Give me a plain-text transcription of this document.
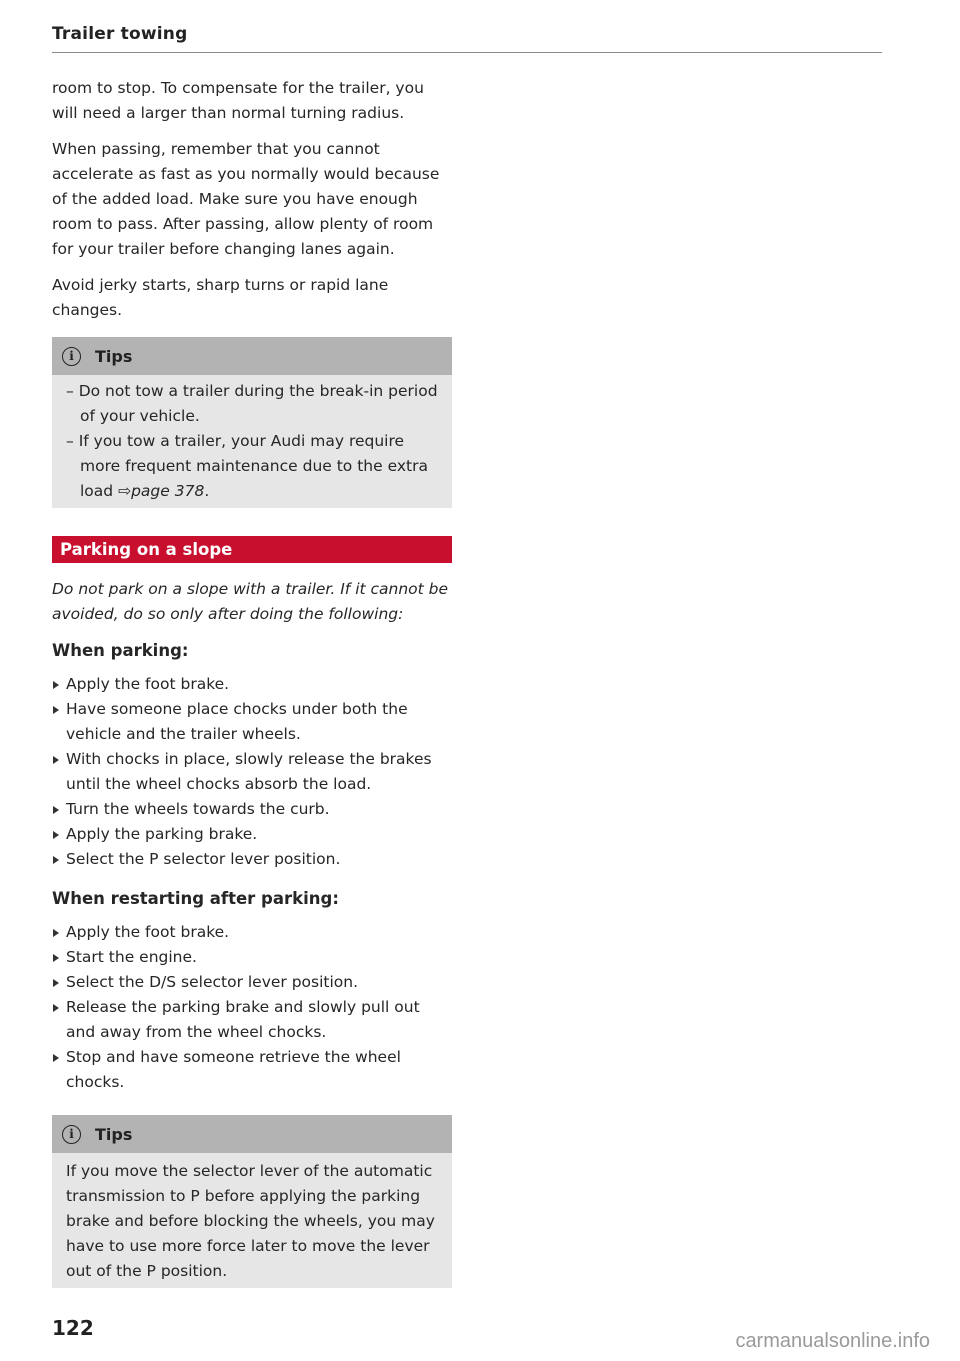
Trailer towing

room to stop. To compensate for the trailer, you will need a larger than normal turning radius.

When passing, remember that you cannot accelerate as fast as you normally would because of the added load. Make sure you have enough room to pass. After passing, allow plenty of room for your trailer before changing lanes again.

Avoid jerky starts, sharp turns or rapid lane changes.

i	Tips
– Do not tow a trailer during the break-in period of your vehicle.
– If you tow a trailer, your Audi may require more frequent maintenance due to the extra load ⇨page 378.
Parking on a slope

Do not park on a slope with a trailer. If it cannot be avoided, do so only after doing the following:

When parking:
Apply the foot brake.
Have someone place chocks under both the vehicle and the trailer wheels.
With chocks in place, slowly release the brakes until the wheel chocks absorb the load.
Turn the wheels towards the curb.
Apply the parking brake.
Select the P selector lever position.
When restarting after parking:
Apply the foot brake.
Start the engine.
Select the D/S selector lever position.
Release the parking brake and slowly pull out and away from the wheel chocks.
Stop and have someone retrieve the wheel chocks.
i	Tips
If you move the selector lever of the automatic transmission to P before applying the parking brake and before blocking the wheels, you may have to use more force later to move the lever out of the P position.
122
carmanualsonline.info
